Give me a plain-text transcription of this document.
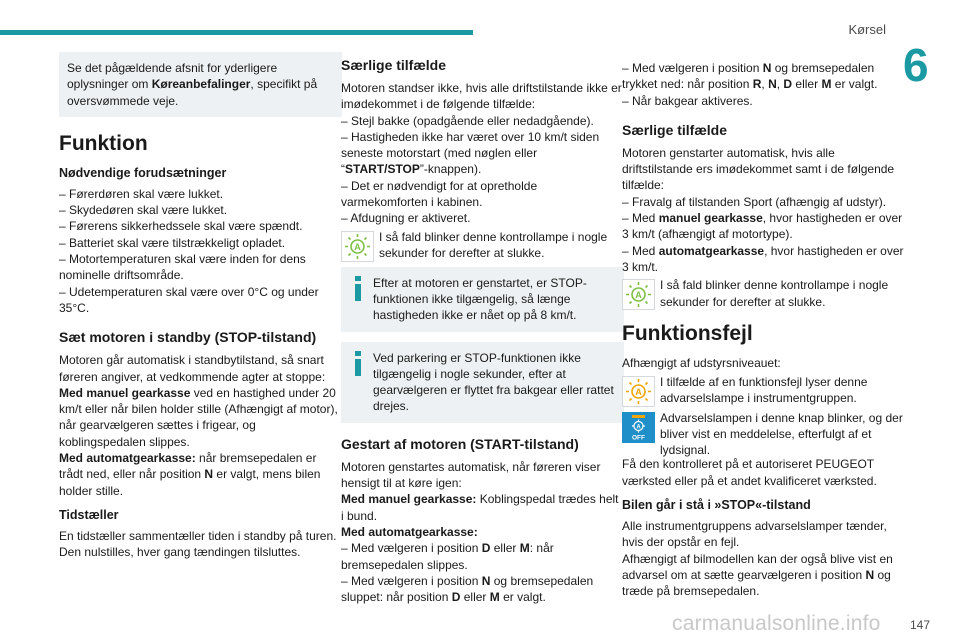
Kørsel
6

Se det pågældende afsnit for yderligere oplysninger om Køreanbefalinger, specifikt på oversvømmede veje.

Funktion
Nødvendige forudsætninger

– Førerdøren skal være lukket.

– Skydedøren skal være lukket.

– Førerens sikkerhedssele skal være spændt.

– Batteriet skal være tilstrækkeligt opladet.

– Motortemperaturen skal være inden for dens nominelle driftsområde.

– Udetemperaturen skal være over 0°C og under 35°C.

Sæt motoren i standby (STOP-tilstand)

Motoren går automatisk i standbytilstand, så snart føreren angiver, at vedkommende agter at stoppe:

Med manuel gearkasse ved en hastighed under 20 km/t eller når bilen holder stille (Afhængigt af motor), når gearvælgeren sættes i frigear, og koblingspedalen slippes.

Med automatgearkasse: når bremsepedalen er trådt ned, eller når position N er valgt, mens bilen holder stille.

Tidstæller

En tidstæller sammentæller tiden i standby på turen. Den nulstilles, hver gang tændingen tilsluttes.

Særlige tilfælde

Motoren standser ikke, hvis alle driftstilstande ikke er imødekommet i de følgende tilfælde:

– Stejl bakke (opadgående eller nedadgående).

– Hastigheden ikke har været over 10 km/t siden seneste motorstart (med nøglen eller “START/STOP”-knappen).

– Det er nødvendigt for at opretholde varmekomforten i kabinen.

– Afdugning er aktiveret.

A

I så fald blinker denne kontrollampe i nogle sekunder for derefter at slukke.

Efter at motoren er genstartet, er STOP-funktionen ikke tilgængelig, så længe hastigheden ikke er nået op på 8 km/t.

Ved parkering er STOP-funktionen ikke tilgængelig i nogle sekunder, efter at gearvælgeren er flyttet fra bakgear eller rattet drejes.

Gestart af motoren (START-tilstand)

Motoren genstartes automatisk, når føreren viser hensigt til at køre igen:

Med manuel gearkasse: Koblingspedal trædes helt i bund.

Med automatgearkasse:

– Med vælgeren i position D eller M: når bremsepedalen slippes.

– Med vælgeren i position N og bremsepedalen sluppet: når position D eller M er valgt.

– Med vælgeren i position N og bremsepedalen trykket ned: når position R, N, D eller M er valgt.

– Når bakgear aktiveres.

Særlige tilfælde

Motoren genstarter automatisk, hvis alle driftstilstande ers imødekommet samt i de følgende tilfælde:

– Fravalg af tilstanden Sport (afhængig af udstyr).

– Med manuel gearkasse, hvor hastigheden er over 3 km/t (afhængigt af motortype).

– Med automatgearkasse, hvor hastigheden er over 3 km/t.

A

I så fald blinker denne kontrollampe i nogle sekunder for derefter at slukke.

Funktionsfejl

Afhængigt af udstyrsniveauet:

A

I tilfælde af en funktionsfejl lyser denne advarselslampe i instrumentgruppen.

A
OFF

Advarselslampen i denne knap blinker, og der bliver vist en meddelelse, efterfulgt af et lydsignal.

Få den kontrolleret på et autoriseret PEUGEOT værksted eller på et andet kvalificeret værksted.

Bilen går i stå i »STOP«-tilstand

Alle instrumentgruppens advarselslamper tænder, hvis der opstår en fejl.

Afhængigt af bilmodellen kan der også blive vist en advarsel om at sætte gearvælgeren i position N og træde på bremsepedalen.

147
carmanualsonline.info
